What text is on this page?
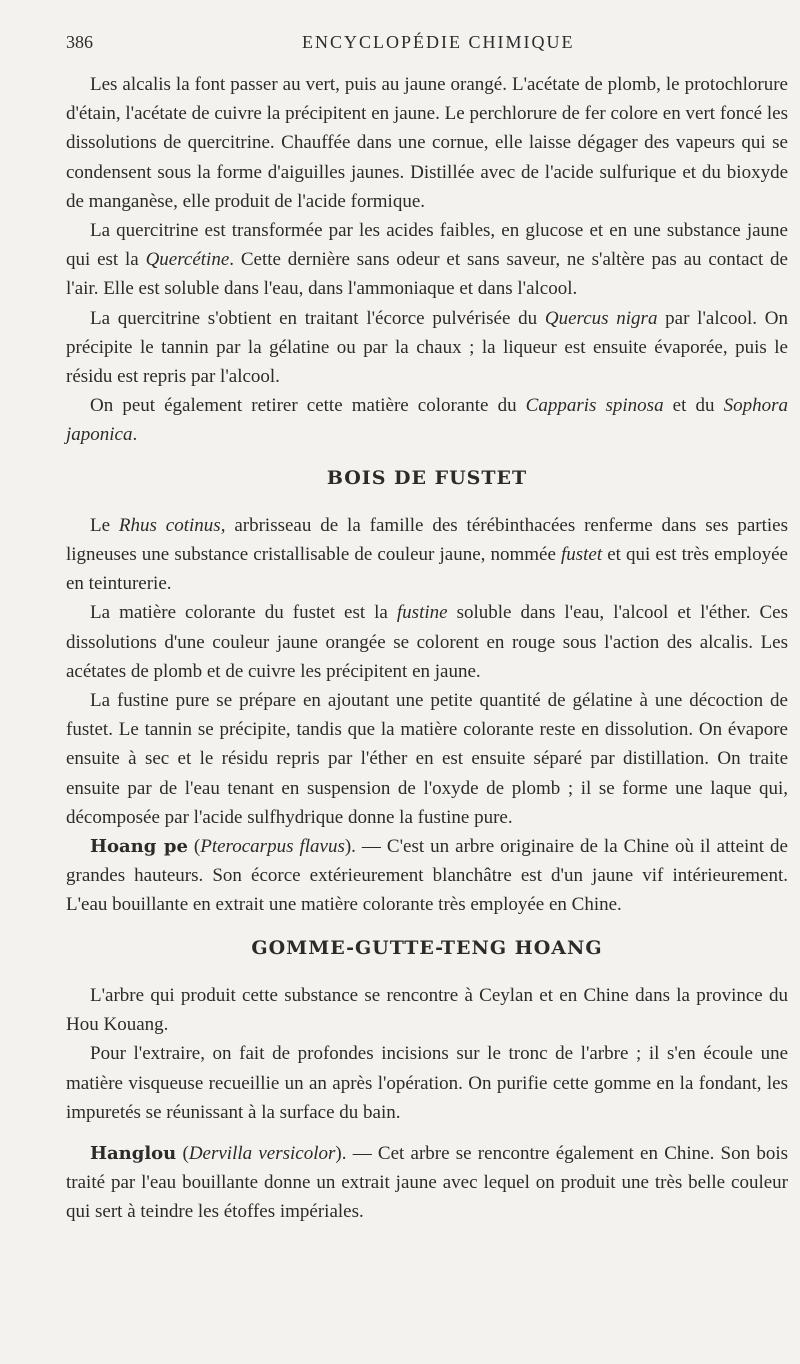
386	ENCYCLOPÉDIE CHIMIQUE

Les alcalis la font passer au vert, puis au jaune orangé. L'acétate de plomb, le protochlorure d'étain, l'acétate de cuivre la précipitent en jaune. Le perchlorure de fer colore en vert foncé les dissolutions de quercitrine. Chauffée dans une cornue, elle laisse dégager des vapeurs qui se condensent sous la forme d'aiguilles jaunes. Distillée avec de l'acide sulfurique et du bioxyde de manganèse, elle produit de l'acide formique.

La quercitrine est transformée par les acides faibles, en glucose et en une substance jaune qui est la Quercétine. Cette dernière sans odeur et sans saveur, ne s'altère pas au contact de l'air. Elle est soluble dans l'eau, dans l'ammoniaque et dans l'alcool.

La quercitrine s'obtient en traitant l'écorce pulvérisée du Quercus nigra par l'alcool. On précipite le tannin par la gélatine ou par la chaux ; la liqueur est ensuite évaporée, puis le résidu est repris par l'alcool.

On peut également retirer cette matière colorante du Capparis spinosa et du Sophora japonica.

BOIS DE FUSTET

Le Rhus cotinus, arbrisseau de la famille des térébinthacées renferme dans ses parties ligneuses une substance cristallisable de couleur jaune, nommée fustet et qui est très employée en teinturerie.

La matière colorante du fustet est la fustine soluble dans l'eau, l'alcool et l'éther. Ces dissolutions d'une couleur jaune orangée se colorent en rouge sous l'action des alcalis. Les acétates de plomb et de cuivre les précipitent en jaune.

La fustine pure se prépare en ajoutant une petite quantité de gélatine à une décoction de fustet. Le tannin se précipite, tandis que la matière colorante reste en dissolution. On évapore ensuite à sec et le résidu repris par l'éther en est ensuite séparé par distillation. On traite ensuite par de l'eau tenant en suspension de l'oxyde de plomb ; il se forme une laque qui, décomposée par l'acide sulfhydrique donne la fustine pure.

Hoang pe (Pterocarpus flavus). — C'est un arbre originaire de la Chine où il atteint de grandes hauteurs. Son écorce extérieurement blanchâtre est d'un jaune vif intérieurement. L'eau bouillante en extrait une matière colorante très employée en Chine.

GOMME-GUTTE-TENG HOANG

L'arbre qui produit cette substance se rencontre à Ceylan et en Chine dans la province du Hou Kouang.

Pour l'extraire, on fait de profondes incisions sur le tronc de l'arbre ; il s'en écoule une matière visqueuse recueillie un an après l'opération. On purifie cette gomme en la fondant, les impuretés se réunissant à la surface du bain.

Hanglou (Dervilla versicolor). — Cet arbre se rencontre également en Chine. Son bois traité par l'eau bouillante donne un extrait jaune avec lequel on produit une très belle couleur qui sert à teindre les étoffes impériales.
